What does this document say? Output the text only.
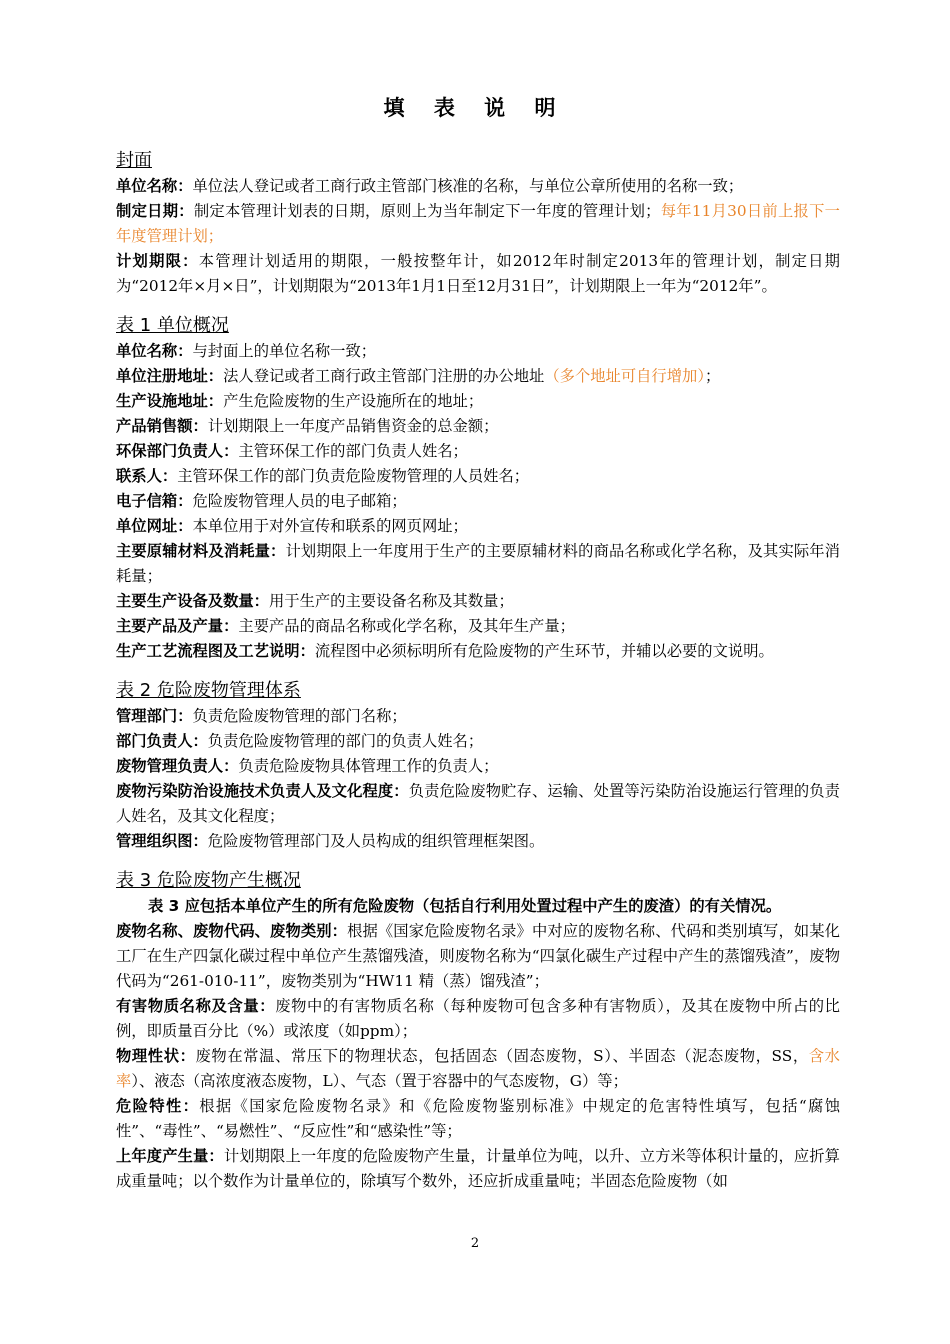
填 表 说 明
封面
单位名称：单位法人登记或者工商行政主管部门核准的名称，与单位公章所使用的名称一致；
制定日期：制定本管理计划表的日期，原则上为当年制定下一年度的管理计划；每年11月30日前上报下一年度管理计划；
计划期限：本管理计划适用的期限，一般按整年计，如2012年时制定2013年的管理计划，制定日期为“2012年×月×日”，计划期限为“2013年1月1日至12月31日”，计划期限上一年为“2012年”。
表 1 单位概况
单位名称：与封面上的单位名称一致；
单位注册地址：法人登记或者工商行政主管部门注册的办公地址（多个地址可自行增加）；
生产设施地址：产生危险废物的生产设施所在的地址；
产品销售额：计划期限上一年度产品销售资金的总金额；
环保部门负责人：主管环保工作的部门负责人姓名；
联系人：主管环保工作的部门负责危险废物管理的人员姓名；
电子信箱：危险废物管理人员的电子邮箱；
单位网址：本单位用于对外宣传和联系的网页网址；
主要原辅材料及消耗量：计划期限上一年度用于生产的主要原辅材料的商品名称或化学名称，及其实际年消耗量；
主要生产设备及数量：用于生产的主要设备名称及其数量；
主要产品及产量：主要产品的商品名称或化学名称，及其年生产量；
生产工艺流程图及工艺说明：流程图中必须标明所有危险废物的产生环节，并辅以必要的文说明。
表 2 危险废物管理体系
管理部门：负责危险废物管理的部门名称；
部门负责人：负责危险废物管理的部门的负责人姓名；
废物管理负责人：负责危险废物具体管理工作的负责人；
废物污染防治设施技术负责人及文化程度：负责危险废物贮存、运输、处置等污染防治设施运行管理的负责人姓名，及其文化程度；
管理组织图：危险废物管理部门及人员构成的组织管理框架图。
表 3 危险废物产生概况
表 3 应包括本单位产生的所有危险废物（包括自行利用处置过程中产生的废渣）的有关情况。
废物名称、废物代码、废物类别：根据《国家危险废物名录》中对应的废物名称、代码和类别填写，如某化工厂在生产四氯化碳过程中单位产生蒸馏残渣，则废物名称为“四氯化碳生产过程中产生的蒸馏残渣”，废物代码为“261-010-11”，废物类别为“HW11 精（蒸）馏残渣”；
有害物质名称及含量：废物中的有害物质名称（每种废物可包含多种有害物质），及其在废物中所占的比例，即质量百分比（%）或浓度（如ppm）；
物理性状：废物在常温、常压下的物理状态，包括固态（固态废物，S）、半固态（泥态废物，SS，含水率）、液态（高浓度液态废物，L）、气态（置于容器中的气态废物，G）等；
危险特性：根据《国家危险废物名录》和《危险废物鉴别标准》中规定的危害特性填写，包括“腐蚀性”、“毒性”、“易燃性”、“反应性”和“感染性”等；
上年度产生量：计划期限上一年度的危险废物产生量，计量单位为吨，以升、立方米等体积计量的，应折算成重量吨；以个数作为计量单位的，除填写个数外，还应折成重量吨；半固态危险废物（如
2
